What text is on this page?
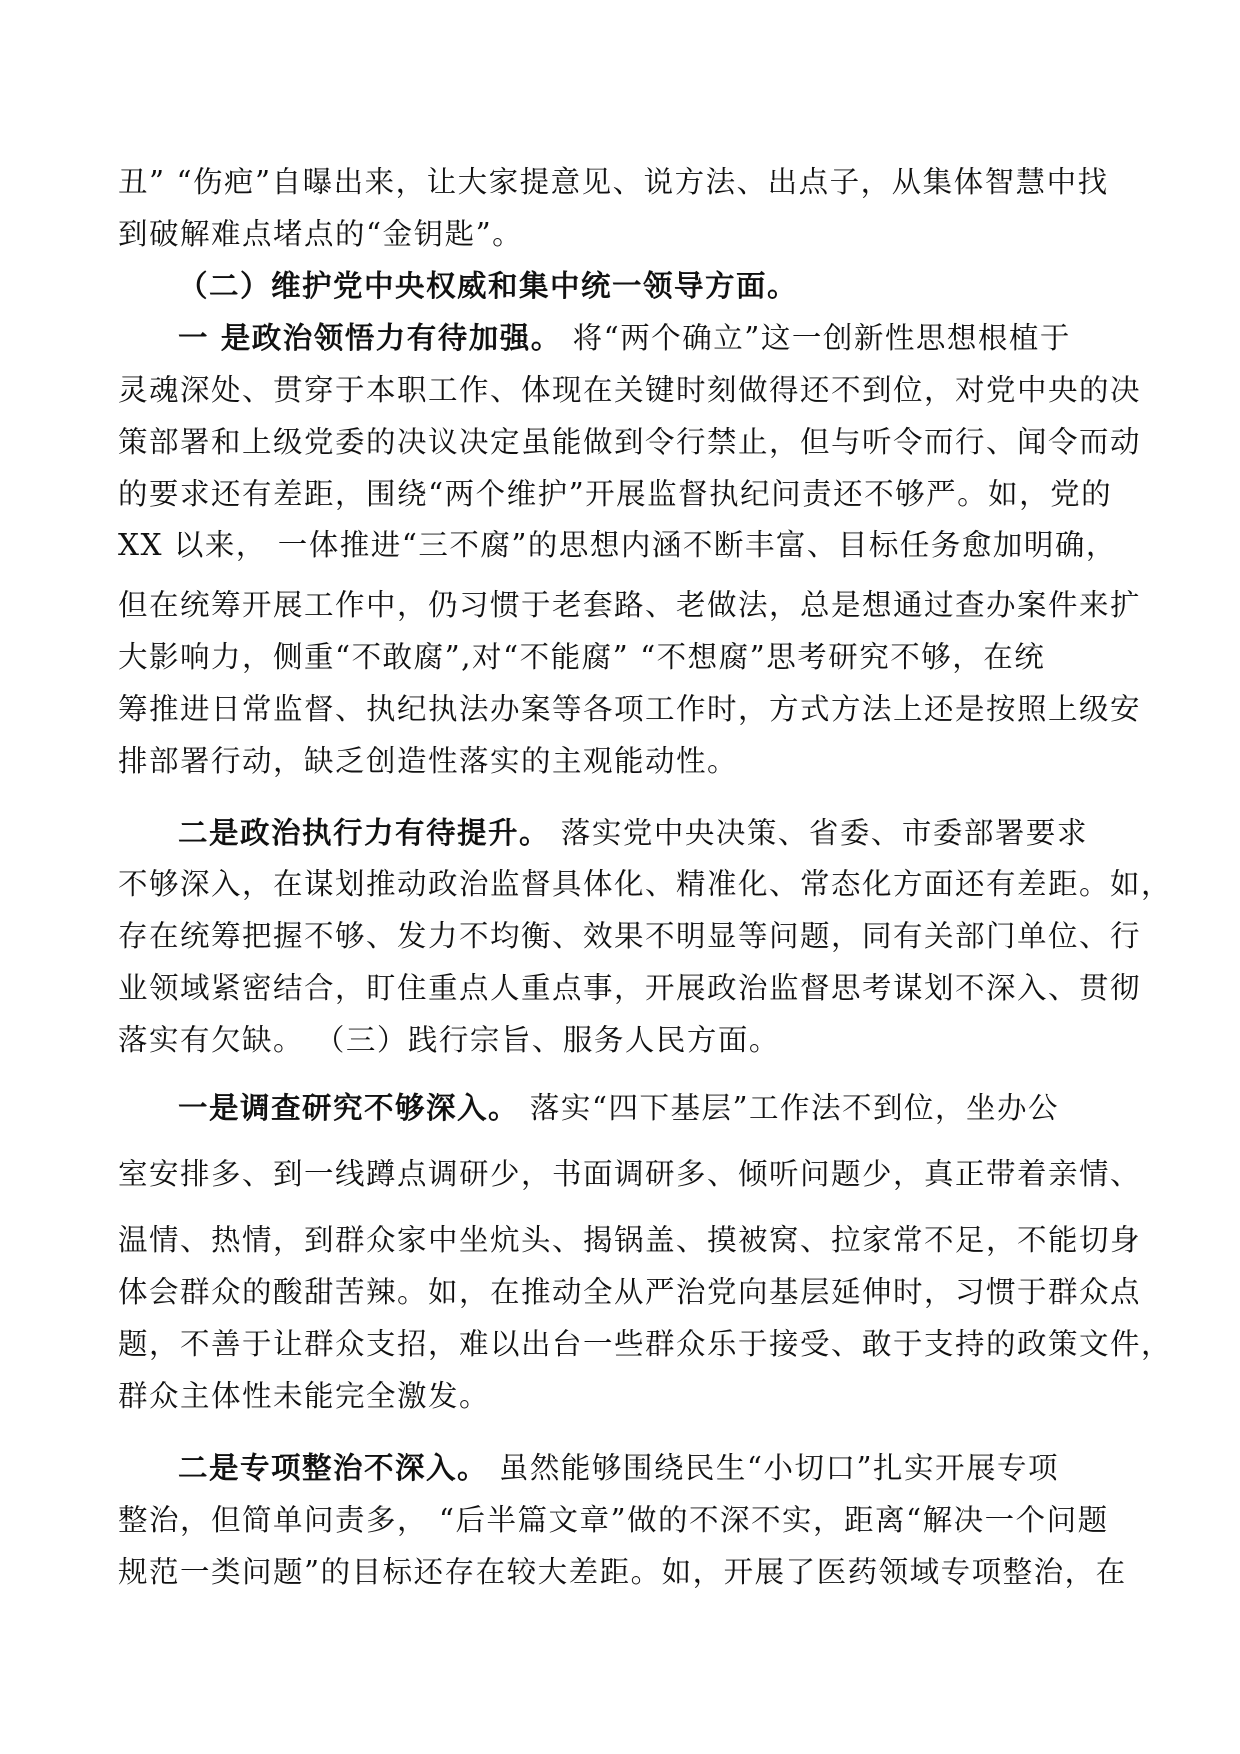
丑” “伤疤”自曝出来，让大家提意见、说方法、出点子，从集体智慧中找
到破解难点堵点的“金钥匙”。
（二）维护党中央权威和集中统一领导方面。
一 是政治领悟力有待加强。 将“两个确立”这一创新性思想根植于
灵魂深处、贯穿于本职工作、体现在关键时刻做得还不到位，对党中央的决
策部署和上级党委的决议决定虽能做到令行禁止，但与听令而行、闻令而动
的要求还有差距，围绕“两个维护”开展监督执纪问责还不够严。如，党的
XX 以来， 一体推进“三不腐”的思想内涵不断丰富、目标任务愈加明确，
但在统筹开展工作中，仍习惯于老套路、老做法，总是想通过查办案件来扩
大影响力，侧重“不敢腐”,对“不能腐” “不想腐”思考研究不够，在统
筹推进日常监督、执纪执法办案等各项工作时，方式方法上还是按照上级安
排部署行动，缺乏创造性落实的主观能动性。
二是政治执行力有待提升。 落实党中央决策、省委、市委部署要求
不够深入，在谋划推动政治监督具体化、精准化、常态化方面还有差距。如，
存在统筹把握不够、发力不均衡、效果不明显等问题，同有关部门单位、行
业领域紧密结合，盯住重点人重点事，开展政治监督思考谋划不深入、贯彻
落实有欠缺。 （三）践行宗旨、服务人民方面。
一是调查研究不够深入。 落实“四下基层”工作法不到位，坐办公
室安排多、到一线蹲点调研少，书面调研多、倾听问题少，真正带着亲情、
温情、热情，到群众家中坐炕头、揭锅盖、摸被窝、拉家常不足，不能切身
体会群众的酸甜苦辣。如，在推动全从严治党向基层延伸时，习惯于群众点
题，不善于让群众支招，难以出台一些群众乐于接受、敢于支持的政策文件，
群众主体性未能完全激发。
二是专项整治不深入。 虽然能够围绕民生“小切口”扎实开展专项
整治，但简单问责多， “后半篇文章”做的不深不实，距离“解决一个问题
规范一类问题”的目标还存在较大差距。如，开展了医药领域专项整治，在
